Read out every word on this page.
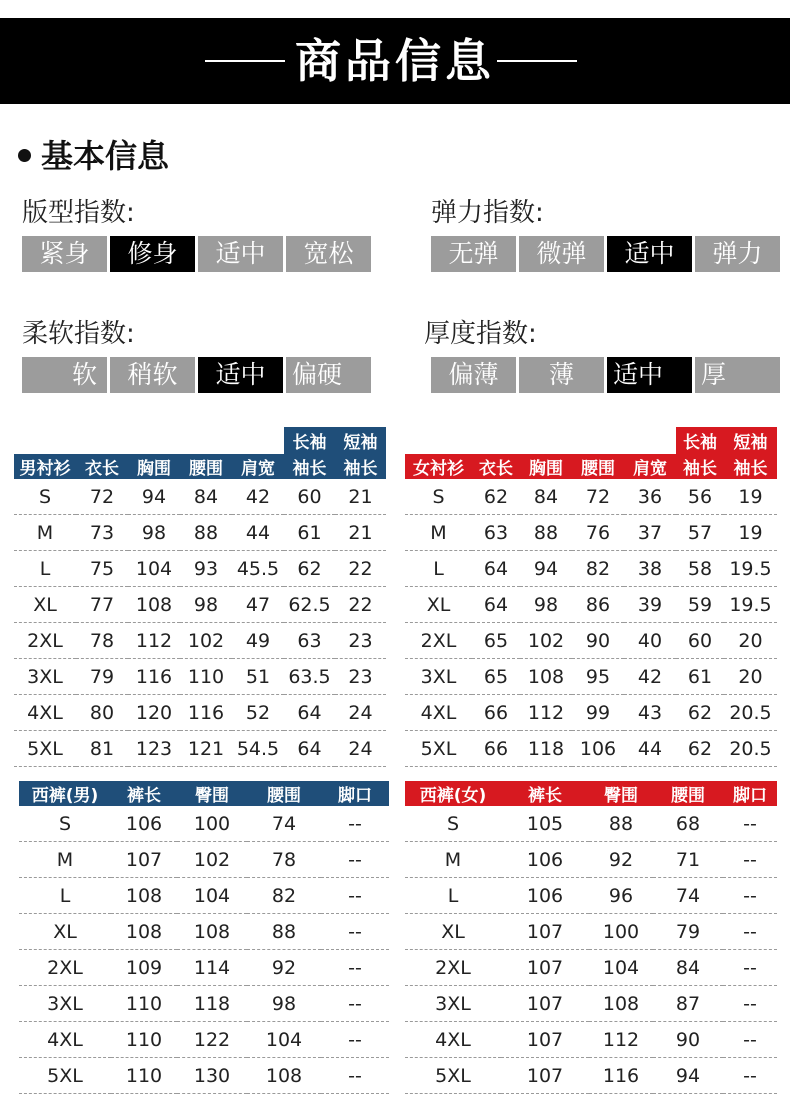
商品信息
基本信息
版型指数:
紧身	修身	适中	宽松
弹力指数:
无弹	微弹	适中	弹力
柔软指数:
软	稍软	适中	偏硬
厚度指数:
偏薄	薄	适中	厚
					长袖	短袖
男衬衫	衣长	胸围	腰围	肩宽	袖长	袖长
S	72	94	84	42	60	21
M	73	98	88	44	61	21
L	75	104	93	45.5	62	22
XL	77	108	98	47	62.5	22
2XL	78	112	102	49	63	23
3XL	79	116	110	51	63.5	23
4XL	80	120	116	52	64	24
5XL	81	123	121	54.5	64	24
					长袖	短袖
女衬衫	衣长	胸围	腰围	肩宽	袖长	袖长
S	62	84	72	36	56	19
M	63	88	76	37	57	19
L	64	94	82	38	58	19.5
XL	64	98	86	39	59	19.5
2XL	65	102	90	40	60	20
3XL	65	108	95	42	61	20
4XL	66	112	99	43	62	20.5
5XL	66	118	106	44	62	20.5
西裤(男)	裤长	臀围	腰围	脚口
S	106	100	74	--
M	107	102	78	--
L	108	104	82	--
XL	108	108	88	--
2XL	109	114	92	--
3XL	110	118	98	--
4XL	110	122	104	--
5XL	110	130	108	--
西裤(女)	裤长	臀围	腰围	脚口
S	105	88	68	--
M	106	92	71	--
L	106	96	74	--
XL	107	100	79	--
2XL	107	104	84	--
3XL	107	108	87	--
4XL	107	112	90	--
5XL	107	116	94	--
